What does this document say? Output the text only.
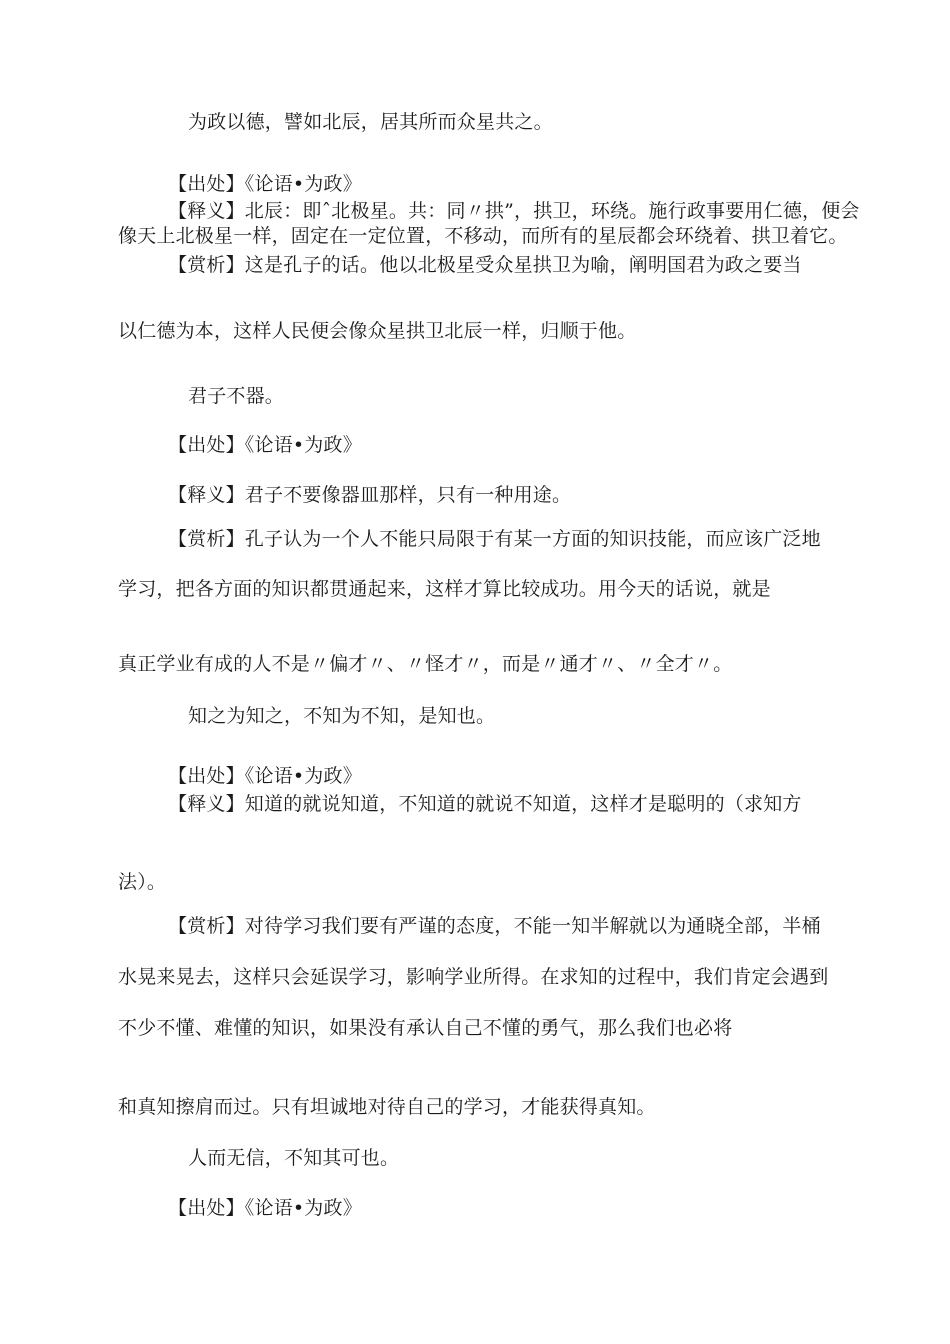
为政以德，譬如北辰，居其所而众星共之。
【出处】《论语•为政》
【释义】北辰：即ˆ北极星。共：同〃拱”，拱卫，环绕。施行政事要用仁德，便会
像天上北极星一样，固定在一定位置，不移动，而所有的星辰都会环绕着、拱卫着它。
【赏析】这是孔子的话。他以北极星受众星拱卫为喻，阐明国君为政之要当
以仁德为本，这样人民便会像众星拱卫北辰一样，归顺于他。
君子不器。
【出处】《论语•为政》
【释义】君子不要像器皿那样，只有一种用途。
【赏析】孔子认为一个人不能只局限于有某一方面的知识技能，而应该广泛地
学习，把各方面的知识都贯通起来，这样才算比较成功。用今天的话说，就是
真正学业有成的人不是〃偏才〃、〃怪才〃，而是〃通才〃、〃全才〃。
知之为知之，不知为不知，是知也。
【出处】《论语•为政》
【释义】知道的就说知道，不知道的就说不知道，这样才是聪明的（求知方
法）。
【赏析】对待学习我们要有严谨的态度，不能一知半解就以为通晓全部，半桶
水晃来晃去，这样只会延误学习，影响学业所得。在求知的过程中，我们肯定会遇到
不少不懂、难懂的知识，如果没有承认自己不懂的勇气，那么我们也必将
和真知擦肩而过。只有坦诚地对待自己的学习，才能获得真知。
人而无信，不知其可也。
【出处】《论语•为政》
